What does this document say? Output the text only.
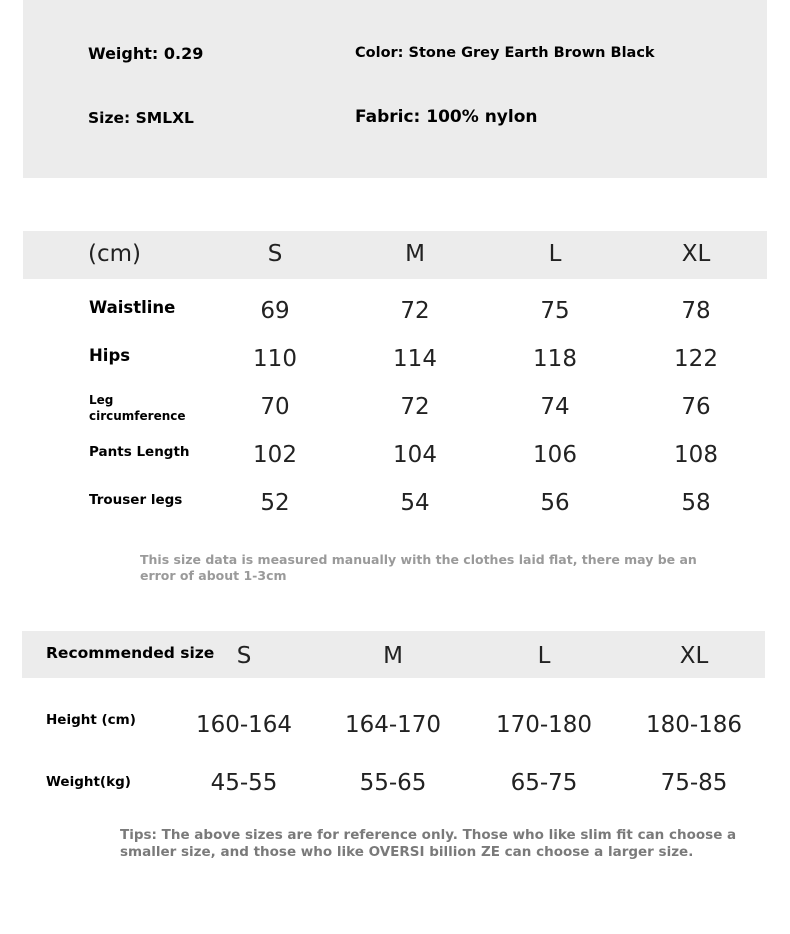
Weight: 0.29	Color: Stone Grey Earth Brown Black
Size: SMLXL	Fabric: 100% nylon
(cm)	S	M	L	XL
Waistline	69	72	75	78
Hips	110	114	118	122
Leg
circumference	70	72	74	76
Pants Length	102	104	106	108
Trouser legs	52	54	56	58
This size data is measured manually with the clothes laid flat, there may be an
error of about 1-3cm
Recommended size S	M	L	XL
Height (cm)	160-164 164-170 170-180 180-186
Weight(kg)	45-55	55-65	65-75	75-85
Tips: The above sizes are for reference only. Those who like slim fit can choose a
smaller size, and those who like OVERSI billion ZE can choose a larger size.
